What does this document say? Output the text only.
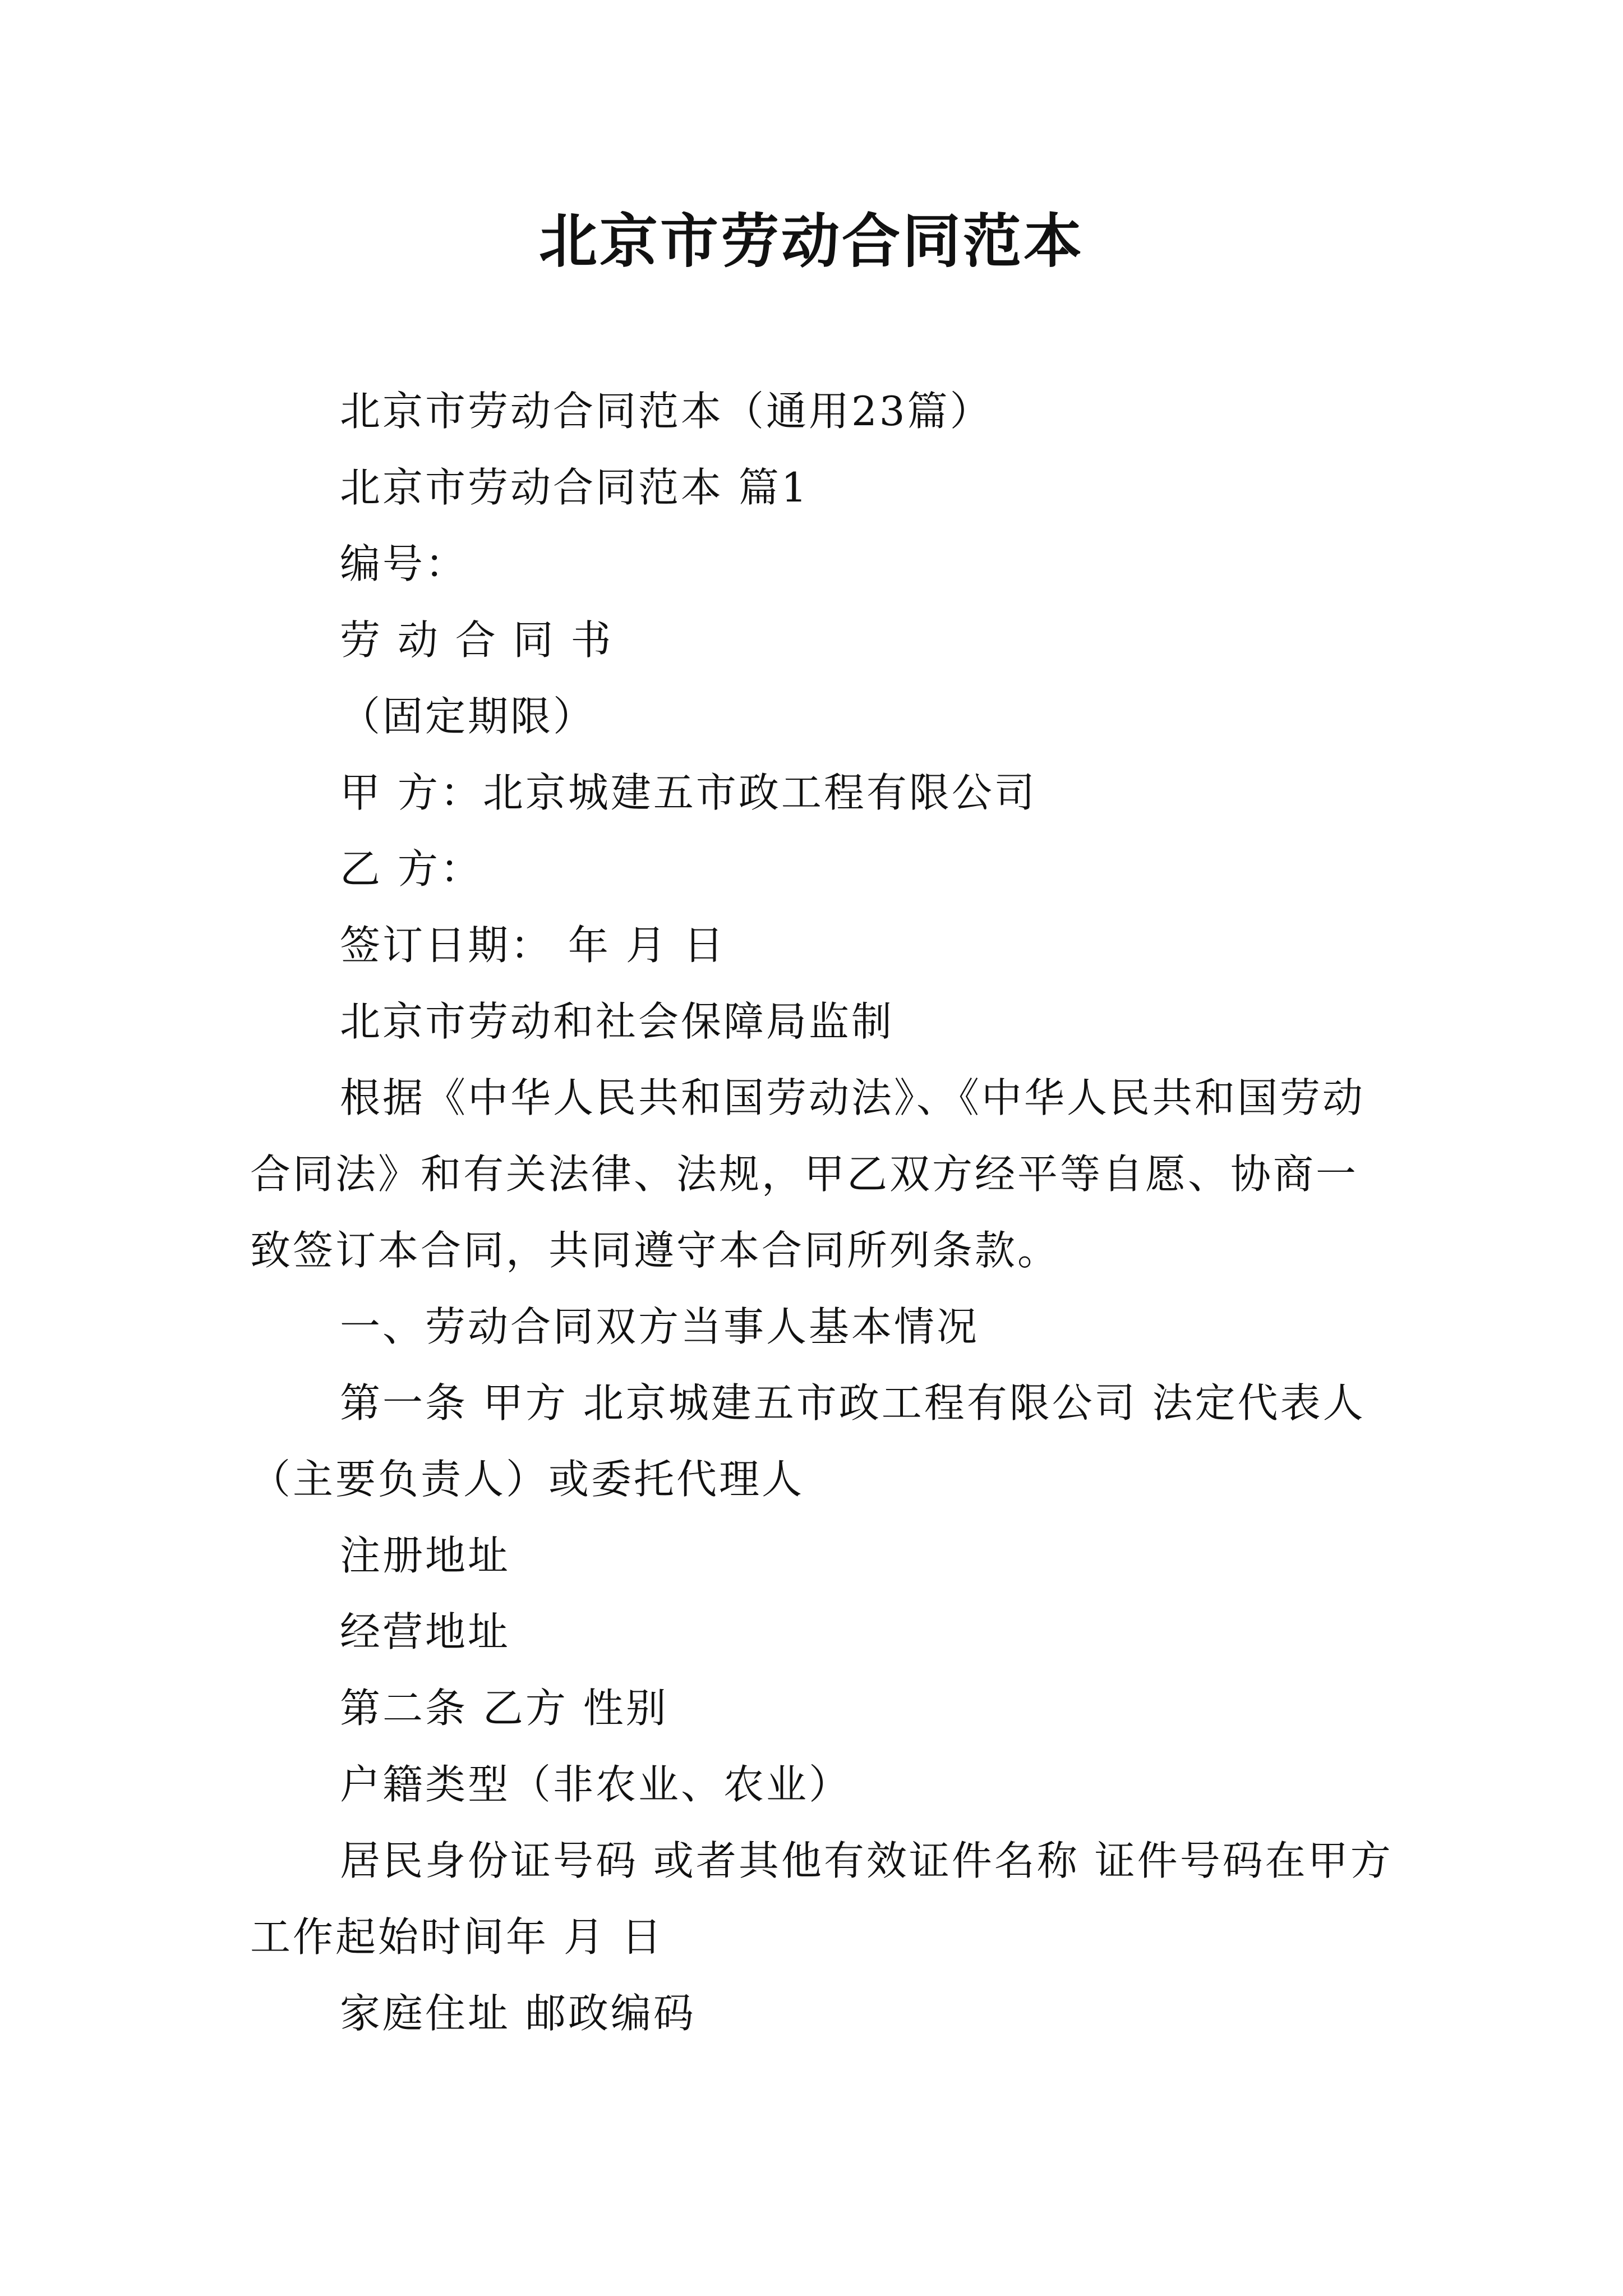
北京市劳动合同范本

北京市劳动合同范本（通用23篇）

北京市劳动合同范本 篇1

编号：

劳 动 合 同 书

（固定期限）

甲 方：北京城建五市政工程有限公司

乙 方：

签订日期： 年 月 日

北京市劳动和社会保障局监制

根据《中华人民共和国劳动法》、《中华人民共和国劳动合同法》和有关法律、法规，甲乙双方经平等自愿、协商一致签订本合同，共同遵守本合同所列条款。

一、劳动合同双方当事人基本情况

第一条 甲方 北京城建五市政工程有限公司 法定代表人（主要负责人）或委托代理人

注册地址

经营地址

第二条 乙方 性别

户籍类型（非农业、农业）

居民身份证号码 或者其他有效证件名称 证件号码在甲方工作起始时间年 月 日

家庭住址 邮政编码
